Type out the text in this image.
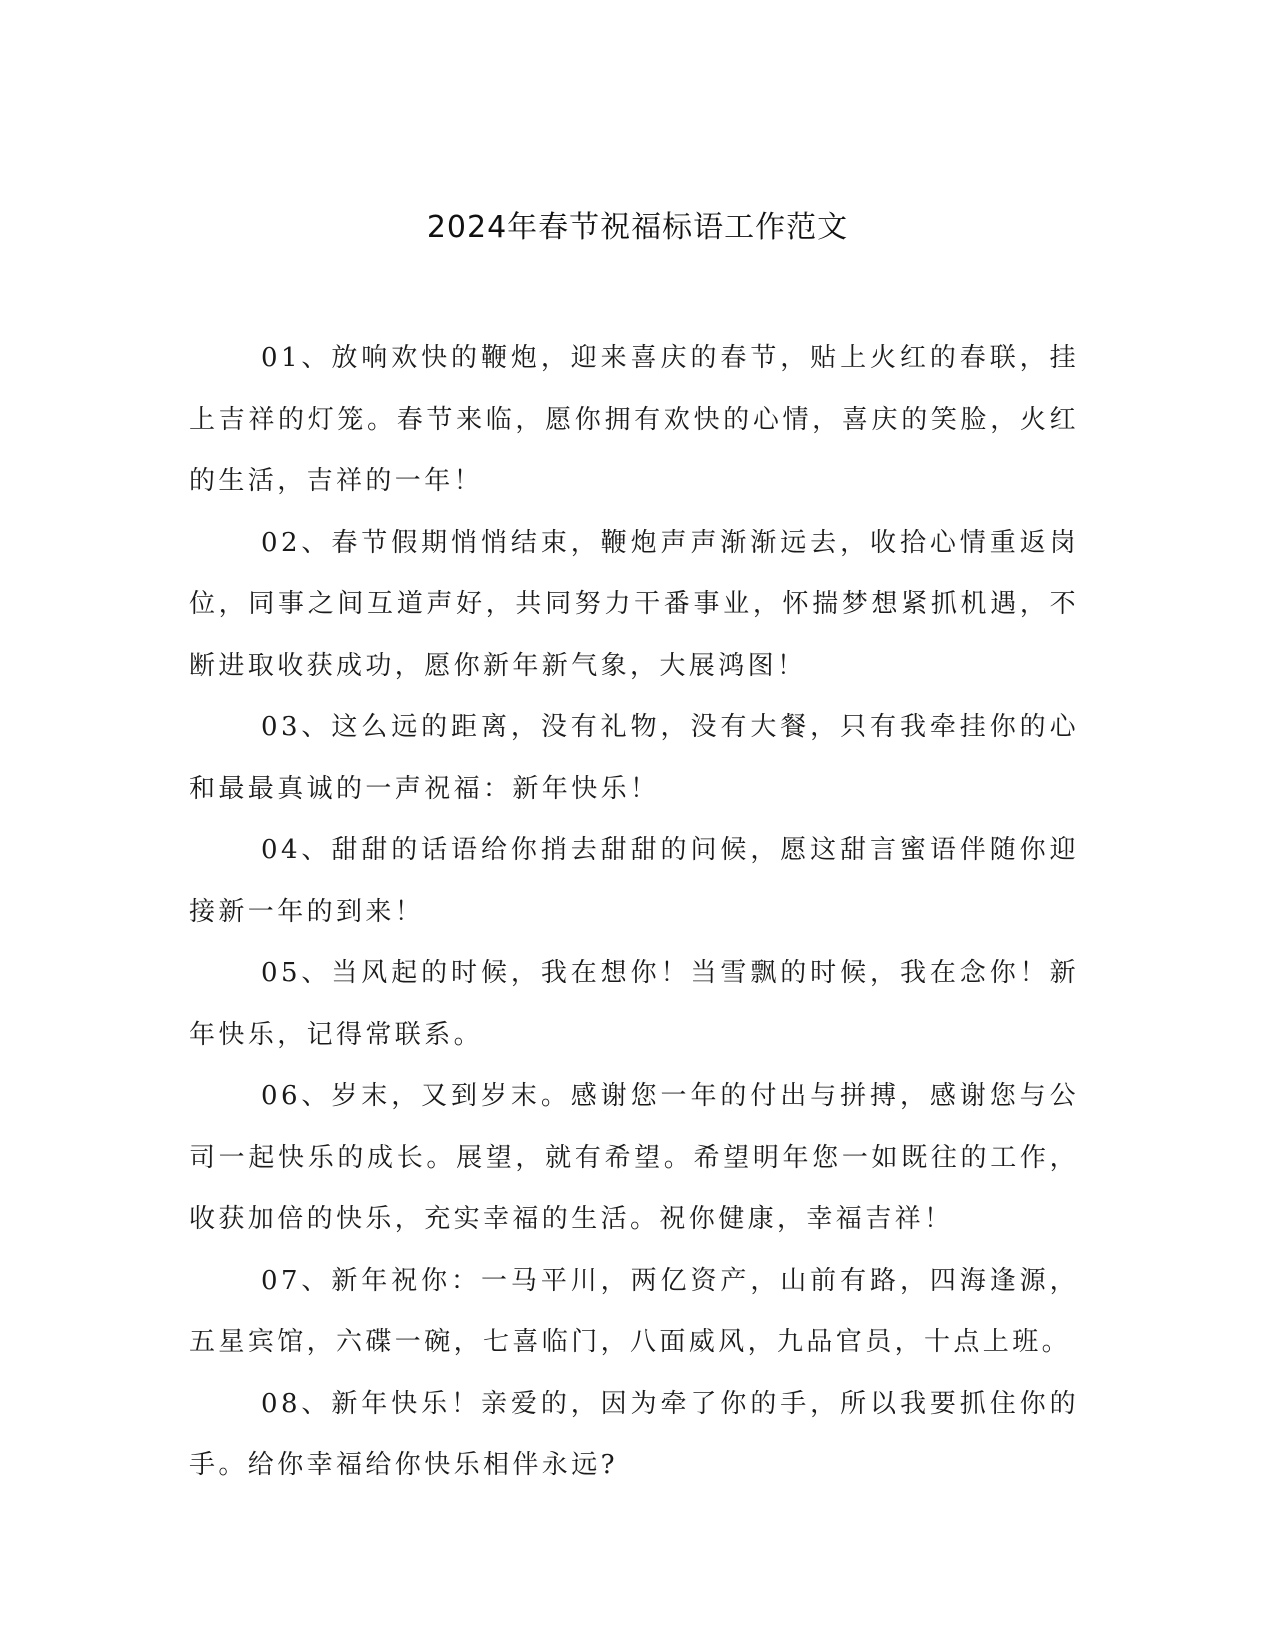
2024年春节祝福标语工作范文

01、放响欢快的鞭炮，迎来喜庆的春节，贴上火红的春联，挂上吉祥的灯笼。春节来临，愿你拥有欢快的心情，喜庆的笑脸，火红的生活，吉祥的一年！

02、春节假期悄悄结束，鞭炮声声渐渐远去，收拾心情重返岗位，同事之间互道声好，共同努力干番事业，怀揣梦想紧抓机遇，不断进取收获成功，愿你新年新气象，大展鸿图！

03、这么远的距离，没有礼物，没有大餐，只有我牵挂你的心和最最真诚的一声祝福：新年快乐！

04、甜甜的话语给你捎去甜甜的问候，愿这甜言蜜语伴随你迎接新一年的到来！

05、当风起的时候，我在想你！当雪飘的时候，我在念你！新年快乐，记得常联系。

06、岁末，又到岁末。感谢您一年的付出与拼搏，感谢您与公司一起快乐的成长。展望，就有希望。希望明年您一如既往的工作，收获加倍的快乐，充实幸福的生活。祝你健康，幸福吉祥！

07、新年祝你：一马平川，两亿资产，山前有路，四海逢源，五星宾馆，六碟一碗，七喜临门，八面威风，九品官员，十点上班。

08、新年快乐！亲爱的，因为牵了你的手，所以我要抓住你的手。给你幸福给你快乐相伴永远?
